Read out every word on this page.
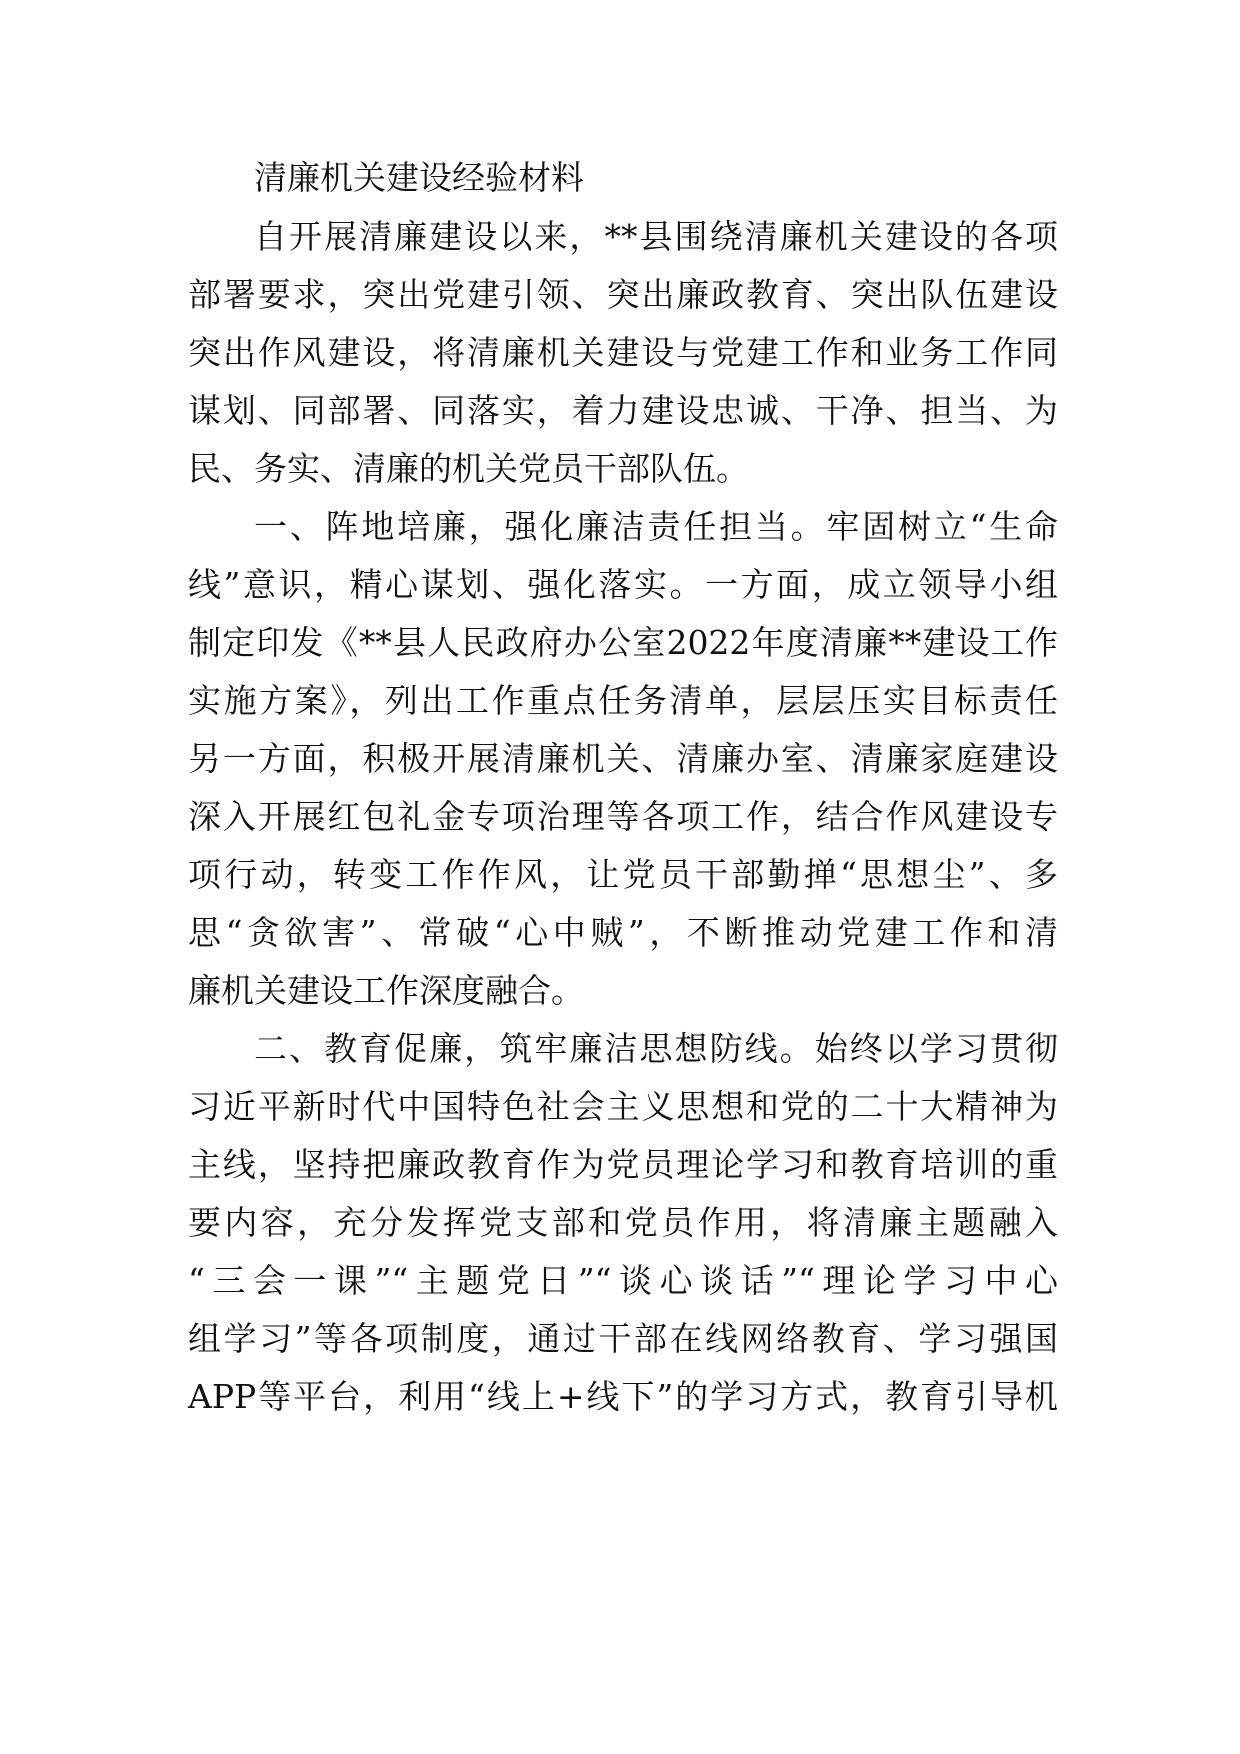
清廉机关建设经验材料
自开展清廉建设以来，**县围绕清廉机关建设的各项
部署要求，突出党建引领、突出廉政教育、突出队伍建设
突出作风建设，将清廉机关建设与党建工作和业务工作同
谋划、同部署、同落实，着力建设忠诚、干净、担当、为
民、务实、清廉的机关党员干部队伍。
一、阵地培廉，强化廉洁责任担当。牢固树立“生命
线”意识，精心谋划、强化落实。一方面，成立领导小组
制定印发《**县人民政府办公室2022年度清廉**建设工作
实施方案》，列出工作重点任务清单，层层压实目标责任
另一方面，积极开展清廉机关、清廉办室、清廉家庭建设
深入开展红包礼金专项治理等各项工作，结合作风建设专
项行动，转变工作作风，让党员干部勤掸“思想尘”、多
思“贪欲害”、常破“心中贼”，不断推动党建工作和清
廉机关建设工作深度融合。
二、教育促廉，筑牢廉洁思想防线。始终以学习贯彻
习近平新时代中国特色社会主义思想和党的二十大精神为
主线，坚持把廉政教育作为党员理论学习和教育培训的重
要内容，充分发挥党支部和党员作用，将清廉主题融入
“三会一课”“主题党日”“谈心谈话”“理论学习中心
组学习”等各项制度，通过干部在线网络教育、学习强国
APP等平台，利用“线上+线下”的学习方式，教育引导机
